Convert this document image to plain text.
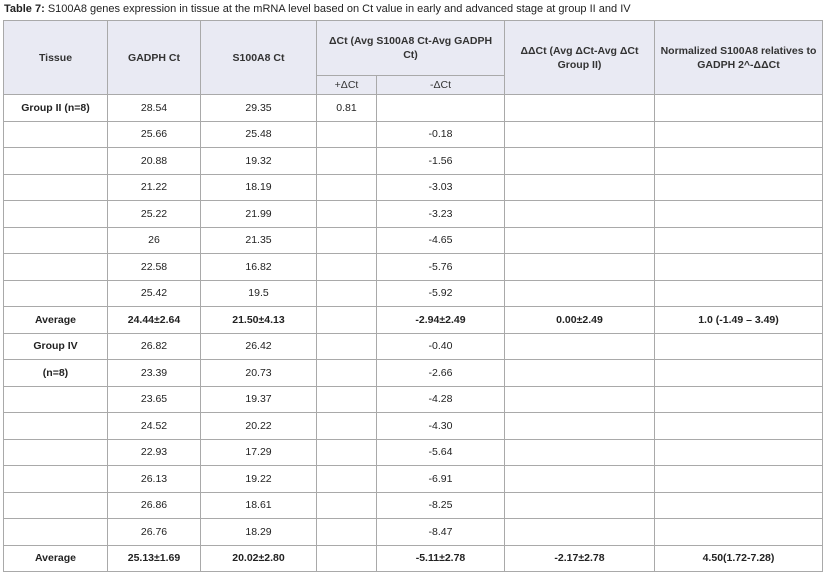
Table 7: S100A8 genes expression in tissue at the mRNA level based on Ct value in early and advanced stage at group II and IV
Tissue	GADPH Ct	S100A8 Ct	ΔCt (Avg S100A8 Ct-Avg GADPH Ct)		ΔΔCt (Avg ΔCt-Avg ΔCt Group II)	Normalized S100A8 relatives to GADPH 2^-ΔΔCt
			+ΔCt	-ΔCt		
Group II (n=8)	28.54	29.35	0.81			
	25.66	25.48		-0.18		
	20.88	19.32		-1.56		
	21.22	18.19		-3.03		
	25.22	21.99		-3.23		
	26	21.35		-4.65		
	22.58	16.82		-5.76		
	25.42	19.5		-5.92		
Average	24.44±2.64	21.50±4.13		-2.94±2.49	0.00±2.49	1.0 (-1.49 – 3.49)
Group IV	26.82	26.42		-0.40		
(n=8)	23.39	20.73		-2.66		
	23.65	19.37		-4.28		
	24.52	20.22		-4.30		
	22.93	17.29		-5.64		
	26.13	19.22		-6.91		
	26.86	18.61		-8.25		
	26.76	18.29		-8.47		
Average	25.13±1.69	20.02±2.80		-5.11±2.78	-2.17±2.78	4.50(1.72-7.28)
